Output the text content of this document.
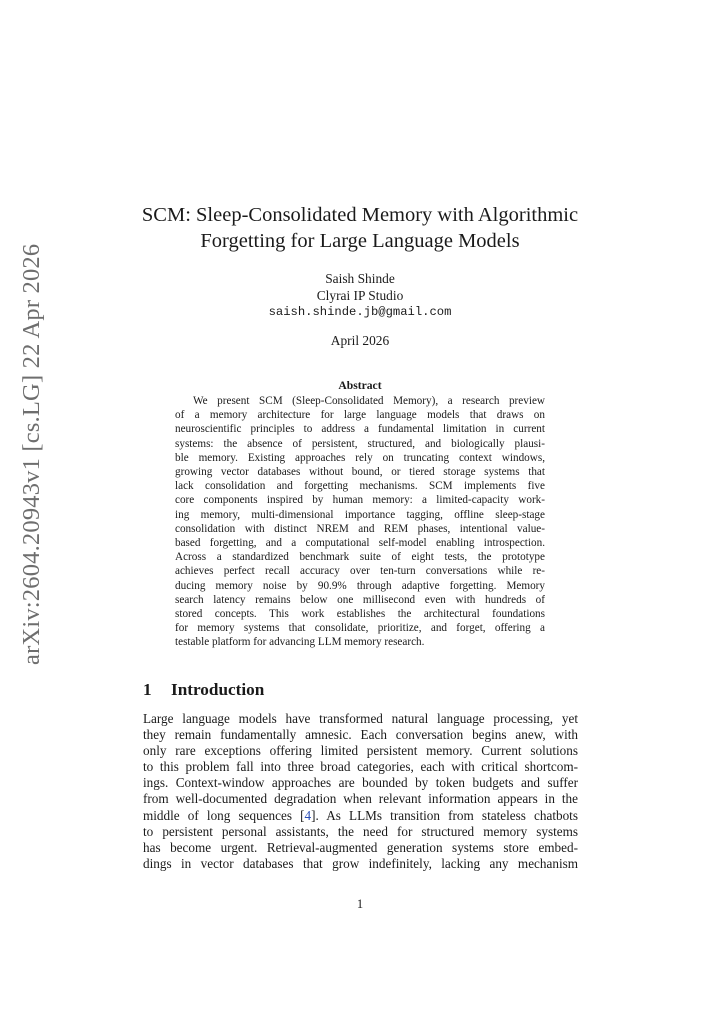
arXiv:2604.20943v1 [cs.LG] 22 Apr 2026
SCM: Sleep-Consolidated Memory with Algorithmic
Forgetting for Large Language Models
Saish Shinde
Clyrai IP Studio
saish.shinde.jb@gmail.com
April 2026
Abstract
We present SCM (Sleep-Consolidated Memory), a research preview
of a memory architecture for large language models that draws on
neuroscientific principles to address a fundamental limitation in current
systems: the absence of persistent, structured, and biologically plausi-
ble memory. Existing approaches rely on truncating context windows,
growing vector databases without bound, or tiered storage systems that
lack consolidation and forgetting mechanisms. SCM implements five
core components inspired by human memory: a limited-capacity work-
ing memory, multi-dimensional importance tagging, offline sleep-stage
consolidation with distinct NREM and REM phases, intentional value-
based forgetting, and a computational self-model enabling introspection.
Across a standardized benchmark suite of eight tests, the prototype
achieves perfect recall accuracy over ten-turn conversations while re-
ducing memory noise by 90.9% through adaptive forgetting. Memory
search latency remains below one millisecond even with hundreds of
stored concepts. This work establishes the architectural foundations
for memory systems that consolidate, prioritize, and forget, offering a
testable platform for advancing LLM memory research.
1 Introduction
Large language models have transformed natural language processing, yet
they remain fundamentally amnesic. Each conversation begins anew, with
only rare exceptions offering limited persistent memory. Current solutions
to this problem fall into three broad categories, each with critical shortcom-
ings. Context-window approaches are bounded by token budgets and suffer
from well-documented degradation when relevant information appears in the
middle of long sequences [4]. As LLMs transition from stateless chatbots
to persistent personal assistants, the need for structured memory systems
has become urgent. Retrieval-augmented generation systems store embed-
dings in vector databases that grow indefinitely, lacking any mechanism
1
